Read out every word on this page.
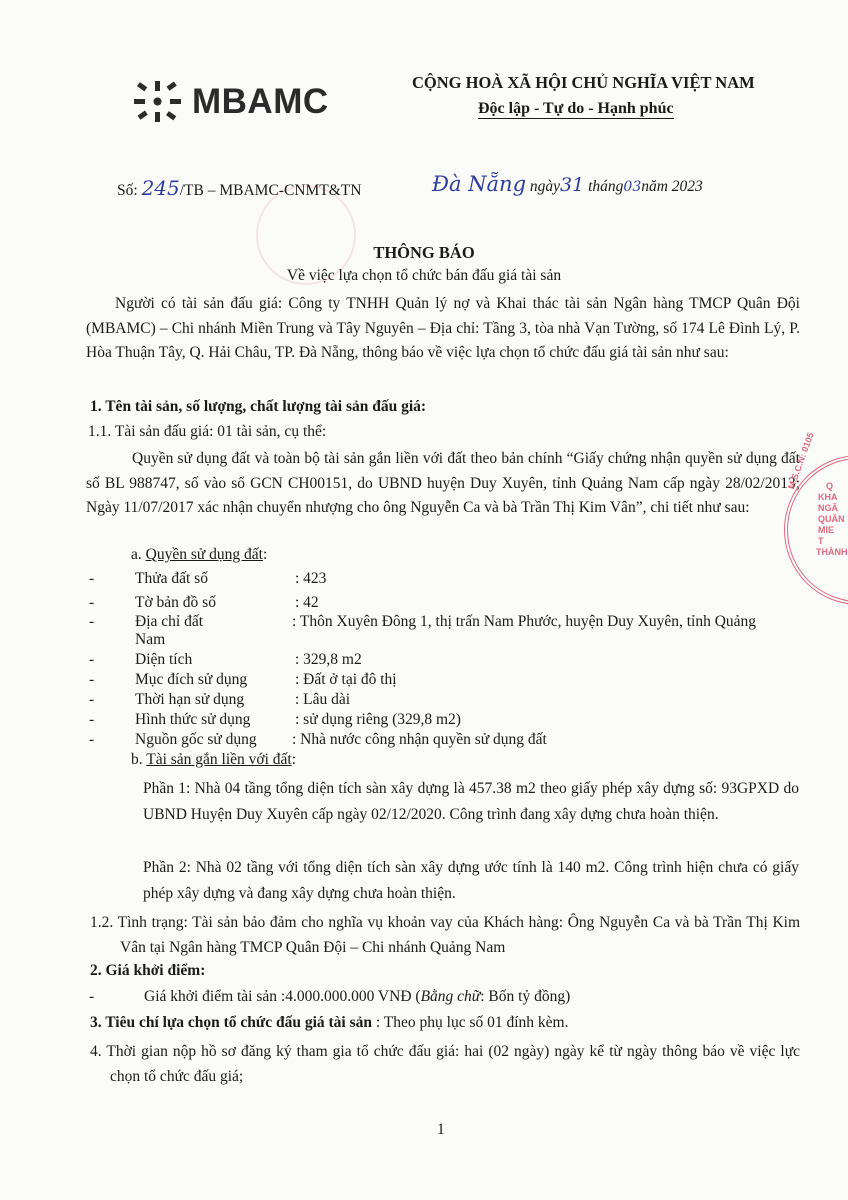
MBAMC	CỘNG HOÀ XÃ HỘI CHỦ NGHĨA VIỆT NAM
Độc lập - Tự do - Hạnh phúc
Số: 245/TB – MBAMC-CNMT&TN	Đà Nẵng ngày31 tháng03năm 2023
THÔNG BÁO
Về việc lựa chọn tổ chức bán đấu giá tài sản
Người có tài sản đấu giá: Công ty TNHH Quản lý nợ và Khai thác tài sản Ngân hàng TMCP Quân Đội (MBAMC) – Chi nhánh Miền Trung và Tây Nguyên – Địa chỉ: Tầng 3, tòa nhà Vạn Tường, số 174 Lê Đình Lý, P. Hòa Thuận Tây, Q. Hải Châu, TP. Đà Nẵng, thông báo về việc lựa chọn tổ chức đấu giá tài sản như sau:
1. Tên tài sản, số lượng, chất lượng tài sản đấu giá:
1.1. Tài sản đấu giá: 01 tài sản, cụ thể:
Quyền sử dụng đất và toàn bộ tài sản gắn liền với đất theo bản chính “Giấy chứng nhận quyền sử dụng đất số BL 988747, số vào sổ GCN CH00151, do UBND huyện Duy Xuyên, tỉnh Quảng Nam cấp ngày 28/02/2013; Ngày 11/07/2017 xác nhận chuyển nhượng cho ông Nguyễn Ca và bà Trần Thị Kim Vân”, chi tiết như sau:
a. Quyền sử dụng đất:
-	Thửa đất số	: 423
-	Tờ bản đồ số	: 42
-	Địa chỉ đất	: Thôn Xuyên Đông 1, thị trấn Nam Phước, huyện Duy Xuyên, tỉnh Quảng
Nam
-	Diện tích	: 329,8 m2
-	Mục đích sử dụng	: Đất ở tại đô thị
-	Thời hạn sử dụng	: Lâu dài
-	Hình thức sử dụng	: sử dụng riêng (329,8 m2)
-	Nguồn gốc sử dụng : Nhà nước công nhận quyền sử dụng đất
b. Tài sản gắn liền với đất:
Phần 1: Nhà 04 tầng tổng diện tích sàn xây dựng là 457.38 m2 theo giấy phép xây dựng số: 93GPXD do UBND Huyện Duy Xuyên cấp ngày 02/12/2020. Công trình đang xây dựng chưa hoàn thiện.
Phần 2: Nhà 02 tầng với tổng diện tích sàn xây dựng ước tính là 140 m2. Công trình hiện chưa có giấy phép xây dựng và đang xây dựng chưa hoàn thiện.
1.2. Tình trạng: Tài sản bảo đảm cho nghĩa vụ khoản vay của Khách hàng: Ông Nguyễn Ca và bà Trần Thị Kim Vân tại Ngân hàng TMCP Quân Đội – Chi nhánh Quảng Nam
2. Giá khởi điểm:
-	Giá khởi điểm tài sản :4.000.000.000 VNĐ (Bằng chữ: Bốn tỷ đồng)
3. Tiêu chí lựa chọn tổ chức đấu giá tài sản : Theo phụ lục số 01 đính kèm.
4. Thời gian nộp hồ sơ đăng ký tham gia tổ chức đấu giá: hai (02 ngày) ngày kể từ ngày thông báo về việc lực chọn tổ chức đấu giá;
1
Q
KHA
NGÂ
QUÂN
MIE
T
THÀNH
M.S.C.N: 0105
